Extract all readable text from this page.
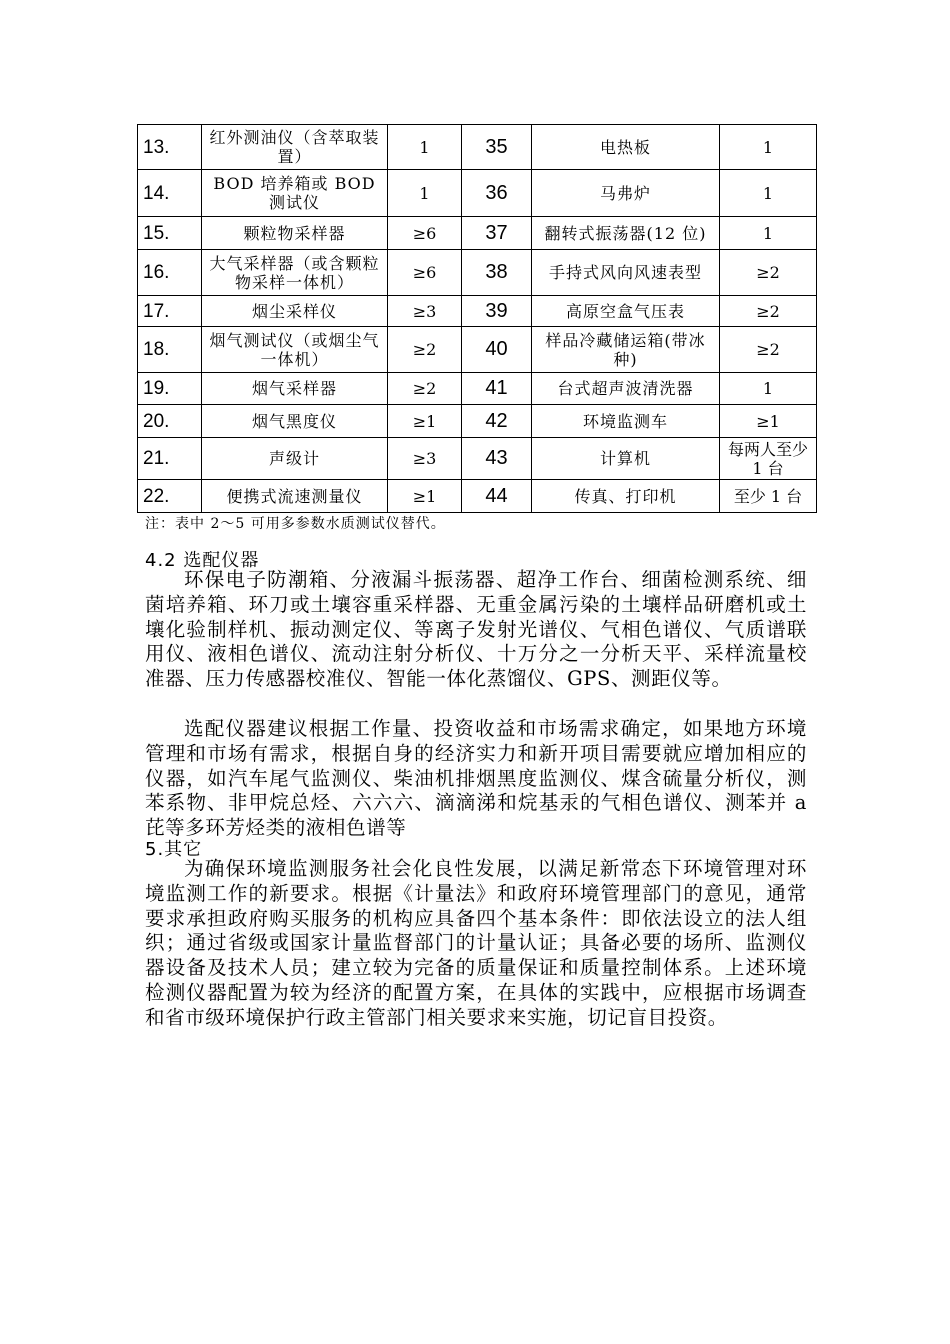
13.	红外测油仪（含萃取装置）	1	35	电热板	1
14.	BOD 培养箱或 BOD 测试仪	1	36	马弗炉	1
15.	颗粒物采样器	≥6	37	翻转式振荡器(12 位)	1
16.	大气采样器（或含颗粒物采样一体机）	≥6	38	手持式风向风速表型	≥2
17.	烟尘采样仪	≥3	39	高原空盒气压表	≥2
18.	烟气测试仪（或烟尘气一体机）	≥2	40	样品冷藏储运箱(带冰种)	≥2
19.	烟气采样器	≥2	41	台式超声波清洗器	1
20.	烟气黑度仪	≥1	42	环境监测车	≥1
21.	声级计	≥3	43	计算机	每两人至少 1 台
22.	便携式流速测量仪	≥1	44	传真、打印机	至少 1 台
注：表中 2～5 可用多参数水质测试仪替代。
4.2 选配仪器

环保电子防潮箱、分液漏斗振荡器、超净工作台、细菌检测系统、细菌培养箱、环刀或土壤容重采样器、无重金属污染的土壤样品研磨机或土壤化验制样机、振动测定仪、等离子发射光谱仪、气相色谱仪、气质谱联用仪、液相色谱仪、流动注射分析仪、十万分之一分析天平、采样流量校准器、压力传感器校准仪、智能一体化蒸馏仪、GPS、测距仪等。

选配仪器建议根据工作量、投资收益和市场需求确定，如果地方环境管理和市场有需求，根据自身的经济实力和新开项目需要就应增加相应的仪器，如汽车尾气监测仪、柴油机排烟黑度监测仪、煤含硫量分析仪，测苯系物、非甲烷总烃、六六六、滴滴涕和烷基汞的气相色谱仪、测苯并 a 芘等多环芳烃类的液相色谱等

5.其它

为确保环境监测服务社会化良性发展，以满足新常态下环境管理对环境监测工作的新要求。根据《计量法》和政府环境管理部门的意见，通常要求承担政府购买服务的机构应具备四个基本条件：即依法设立的法人组织；通过省级或国家计量监督部门的计量认证；具备必要的场所、监测仪器设备及技术人员；建立较为完备的质量保证和质量控制体系。上述环境检测仪器配置为较为经济的配置方案，在具体的实践中，应根据市场调查和省市级环境保护行政主管部门相关要求来实施，切记盲目投资。
